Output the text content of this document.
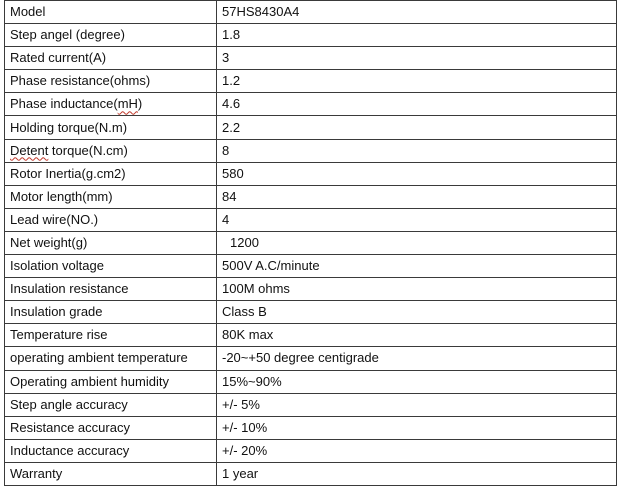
Model	57HS8430A4
Step angel (degree)	1.8
Rated current(A)	3
Phase resistance(ohms)	1.2
Phase inductance(mH)	4.6
Holding torque(N.m)	2.2
Detent torque(N.cm)	8
Rotor Inertia(g.cm2)	580
Motor length(mm)	84
Lead wire(NO.)	4
Net weight(g)	1200
Isolation voltage	500V A.C/minute
Insulation resistance	100M ohms
Insulation grade	Class B
Temperature rise	80K max
operating ambient temperature	-20~+50 degree centigrade
Operating ambient humidity	15%~90%
Step angle accuracy	+/- 5%
Resistance accuracy	+/- 10%
Inductance accuracy	+/- 20%
Warranty	1 year
